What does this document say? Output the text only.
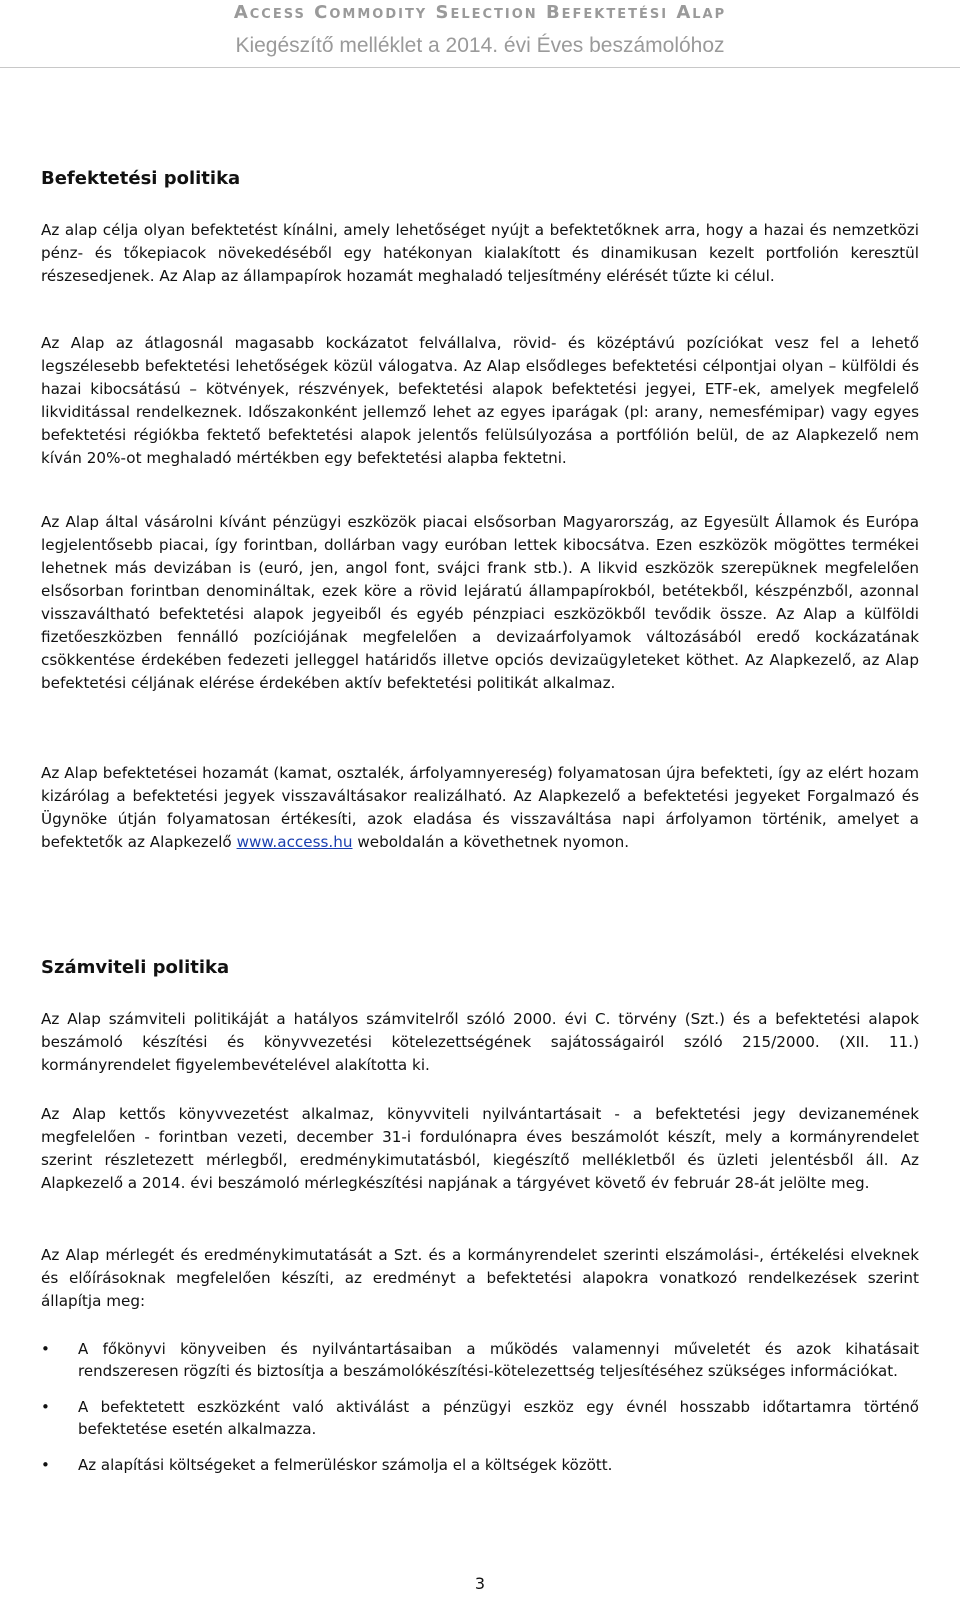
Access Commodity Selection Befektetési Alap
Kiegészítő melléklet a 2014. évi Éves beszámolóhoz
Befektetési politika

Az alap célja olyan befektetést kínálni, amely lehetőséget nyújt a befektetőknek arra, hogy a hazai és nemzetközi pénz- és tőkepiacok növekedéséből egy hatékonyan kialakított és dinamikusan kezelt portfolión keresztül részesedjenek. Az Alap az állampapírok hozamát meghaladó teljesítmény elérését tűzte ki célul.

Az Alap az átlagosnál magasabb kockázatot felvállalva, rövid- és középtávú pozíciókat vesz fel a lehető legszélesebb befektetési lehetőségek közül válogatva. Az Alap elsődleges befektetési célpontjai olyan – külföldi és hazai kibocsátású – kötvények, részvények, befektetési alapok befektetési jegyei, ETF-ek, amelyek megfelelő likviditással rendelkeznek. Időszakonként jellemző lehet az egyes iparágak (pl: arany, nemesfémipar) vagy egyes befektetési régiókba fektető befektetési alapok jelentős felülsúlyozása a portfólión belül, de az Alapkezelő nem kíván 20%-ot meghaladó mértékben egy befektetési alapba fektetni.

Az Alap által vásárolni kívánt pénzügyi eszközök piacai elsősorban Magyarország, az Egyesült Államok és Európa legjelentősebb piacai, így forintban, dollárban vagy euróban lettek kibocsátva. Ezen eszközök mögöttes termékei lehetnek más devizában is (euró, jen, angol font, svájci frank stb.). A likvid eszközök szerepüknek megfelelően elsősorban forintban denomináltak, ezek köre a rövid lejáratú állampapírokból, betétekből, készpénzből, azonnal visszaváltható befektetési alapok jegyeiből és egyéb pénzpiaci eszközökből tevődik össze. Az Alap a külföldi fizetőeszközben fennálló pozíciójának megfelelően a devizaárfolyamok változásából eredő kockázatának csökkentése érdekében fedezeti jelleggel határidős illetve opciós devizaügyleteket köthet. Az Alapkezelő, az Alap befektetési céljának elérése érdekében aktív befektetési politikát alkalmaz.

Az Alap befektetései hozamát (kamat, osztalék, árfolyamnyereség) folyamatosan újra befekteti, így az elért hozam kizárólag a befektetési jegyek visszaváltásakor realizálható. Az Alapkezelő a befektetési jegyeket Forgalmazó és Ügynöke útján folyamatosan értékesíti, azok eladása és visszaváltása napi árfolyamon történik, amelyet a befektetők az Alapkezelő www.access.hu weboldalán a követhetnek nyomon.

Számviteli politika

Az Alap számviteli politikáját a hatályos számvitelről szóló 2000. évi C. törvény (Szt.) és a befektetési alapok beszámoló készítési és könyvvezetési kötelezettségének sajátosságairól szóló 215/2000. (XII. 11.) kormányrendelet figyelembevételével alakította ki.

Az Alap kettős könyvvezetést alkalmaz, könyvviteli nyilvántartásait - a befektetési jegy devizanemének megfelelően - forintban vezeti, december 31-i fordulónapra éves beszámolót készít, mely a kormányrendelet szerint részletezett mérlegből, eredménykimutatásból, kiegészítő mellékletből és üzleti jelentésből áll. Az Alapkezelő a 2014. évi beszámoló mérlegkészítési napjának a tárgyévet követő év február 28-át jelölte meg.

Az Alap mérlegét és eredménykimutatását a Szt. és a kormányrendelet szerinti elszámolási-, értékelési elveknek és előírásoknak megfelelően készíti, az eredményt a befektetési alapokra vonatkozó rendelkezések szerint állapítja meg:

• A főkönyvi könyveiben és nyilvántartásaiban a működés valamennyi műveletét és azok kihatásait rendszeresen rögzíti és biztosítja a beszámolókészítési-kötelezettség teljesítéséhez szükséges információkat.
• A befektetett eszközként való aktiválást a pénzügyi eszköz egy évnél hosszabb időtartamra történő befektetése esetén alkalmazza.
• Az alapítási költségeket a felmerüléskor számolja el a költségek között.
3
